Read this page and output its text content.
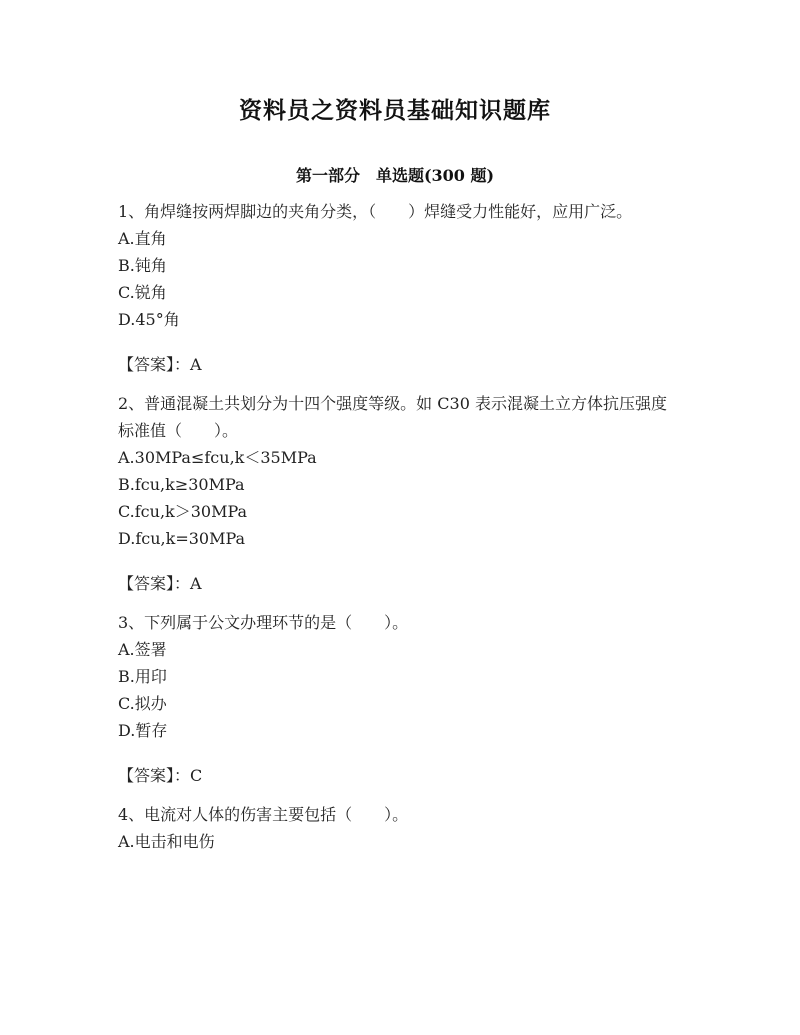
资料员之资料员基础知识题库
第一部分　单选题(300 题)

1、角焊缝按两焊脚边的夹角分类，（　　）焊缝受力性能好，应用广泛。

A.直角
B.钝角
C.锐角
D.45°角

【答案】：A

2、普通混凝土共划分为十四个强度等级。如 C30 表示混凝土立方体抗压强度标准值（　　）。

A.30MPa≤fcu,k＜35MPa
B.fcu,k≥30MPa
C.fcu,k＞30MPa
D.fcu,k=30MPa

【答案】：A

3、下列属于公文办理环节的是（　　）。

A.签署
B.用印
C.拟办
D.暂存

【答案】：C

4、电流对人体的伤害主要包括（　　）。

A.电击和电伤
